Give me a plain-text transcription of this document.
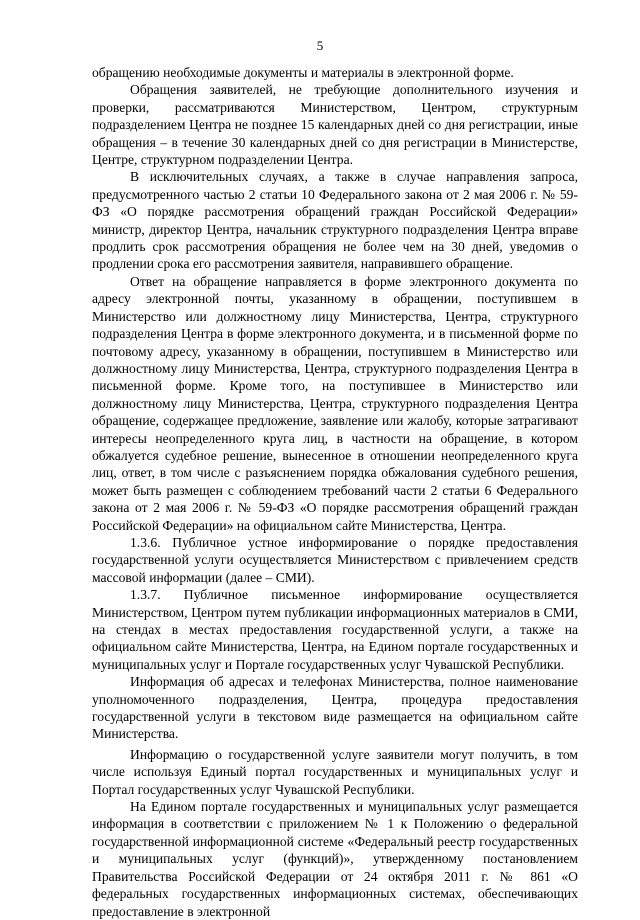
5

обращению необходимые документы и материалы в электронной форме.

Обращения заявителей, не требующие дополнительного изучения и проверки, рассматриваются Министерством, Центром, структурным подразделением Центра не позднее 15 календарных дней со дня регистрации, иные обращения – в течение 30 календарных дней со дня регистрации в Министерстве, Центре, структурном подразделении Центра.

В исключительных случаях, а также в случае направления запроса, предусмотренного частью 2 статьи 10 Федерального закона от 2 мая 2006 г. № 59-ФЗ «О порядке рассмотрения обращений граждан Российской Федерации» министр, директор Центра, начальник структурного подразделения Центра вправе продлить срок рассмотрения обращения не более чем на 30 дней, уведомив о продлении срока его рассмотрения заявителя, направившего обращение.

Ответ на обращение направляется в форме электронного документа по адресу электронной почты, указанному в обращении, поступившем в Министерство или должностному лицу Министерства, Центра, структурного подразделения Центра в форме электронного документа, и в письменной форме по почтовому адресу, указанному в обращении, поступившем в Министерство или должностному лицу Министерства, Центра, структурного подразделения Центра в письменной форме. Кроме того, на поступившее в Министерство или должностному лицу Министерства, Центра, структурного подразделения Центра обращение, содержащее предложение, заявление или жалобу, которые затрагивают интересы неопределенного круга лиц, в частности на обращение, в котором обжалуется судебное решение, вынесенное в отношении неопределенного круга лиц, ответ, в том числе с разъяснением порядка обжалования судебного решения, может быть размещен с соблюдением требований части 2 статьи 6 Федерального закона от 2 мая 2006 г. № 59-ФЗ «О порядке рассмотрения обращений граждан Российской Федерации» на официальном сайте Министерства, Центра.

1.3.6. Публичное устное информирование о порядке предоставления государственной услуги осуществляется Министерством с привлечением средств массовой информации (далее – СМИ).

1.3.7. Публичное письменное информирование осуществляется Министерством, Центром путем публикации информационных материалов в СМИ, на стендах в местах предоставления государственной услуги, а также на официальном сайте Министерства, Центра, на Едином портале государственных и муниципальных услуг и Портале государственных услуг Чувашской Республики.

Информация об адресах и телефонах Министерства, полное наименование уполномоченного подразделения, Центра, процедура предоставления государственной услуги в текстовом виде размещается на официальном сайте Министерства.

Информацию о государственной услуге заявители могут получить, в том числе используя Единый портал государственных и муниципальных услуг и Портал государственных услуг Чувашской Республики.

На Едином портале государственных и муниципальных услуг размещается информация в соответствии с приложением № 1 к Положению о федеральной государственной информационной системе «Федеральный реестр государственных и муниципальных услуг (функций)», утвержденному постановлением Правительства Российской Федерации от 24 октября 2011 г. № 861 «О федеральных государственных информационных системах, обеспечивающих предоставление в электронной
